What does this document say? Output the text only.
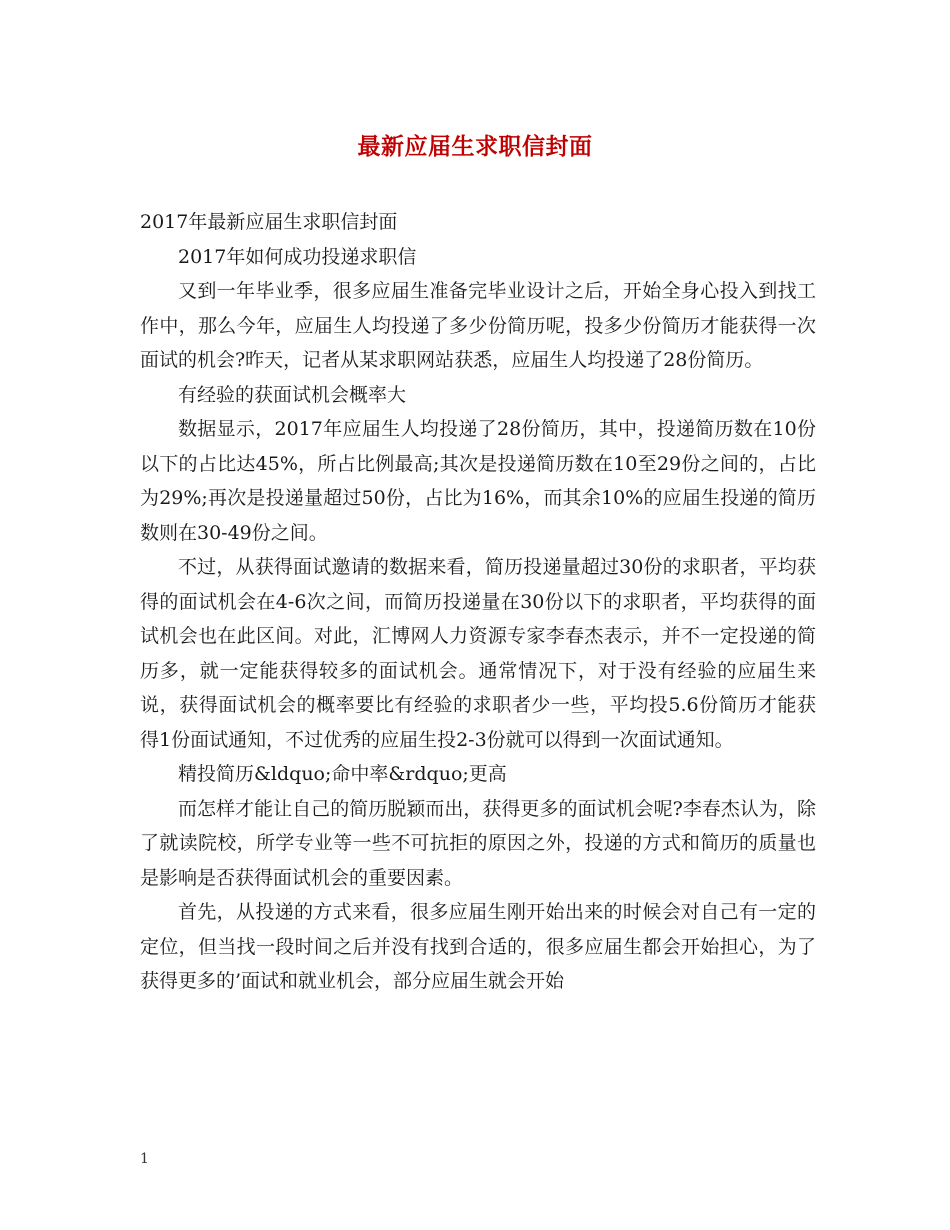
最新应届生求职信封面

2017年最新应届生求职信封面

2017年如何成功投递求职信

又到一年毕业季，很多应届生准备完毕业设计之后，开始全身心投入到找工作中，那么今年，应届生人均投递了多少份简历呢，投多少份简历才能获得一次面试的机会?昨天，记者从某求职网站获悉，应届生人均投递了28份简历。

有经验的获面试机会概率大

数据显示，2017年应届生人均投递了28份简历，其中，投递简历数在10份以下的占比达45%，所占比例最高;其次是投递简历数在10至29份之间的，占比为29%;再次是投递量超过50份，占比为16%，而其余10%的应届生投递的简历数则在30-49份之间。

不过，从获得面试邀请的数据来看，简历投递量超过30份的求职者，平均获得的面试机会在4-6次之间，而简历投递量在30份以下的求职者，平均获得的面试机会也在此区间。对此，汇博网人力资源专家李春杰表示，并不一定投递的简历多，就一定能获得较多的面试机会。通常情况下，对于没有经验的应届生来说，获得面试机会的概率要比有经验的求职者少一些，平均投5.6份简历才能获得1份面试通知，不过优秀的应届生投2-3份就可以得到一次面试通知。

精投简历&ldquo;命中率&rdquo;更高

而怎样才能让自己的简历脱颖而出，获得更多的面试机会呢?李春杰认为，除了就读院校，所学专业等一些不可抗拒的原因之外，投递的方式和简历的质量也是影响是否获得面试机会的重要因素。

首先，从投递的方式来看，很多应届生刚开始出来的时候会对自己有一定的定位，但当找一段时间之后并没有找到合适的，很多应届生都会开始担心，为了获得更多的’面试和就业机会，部分应届生就会开始

1
